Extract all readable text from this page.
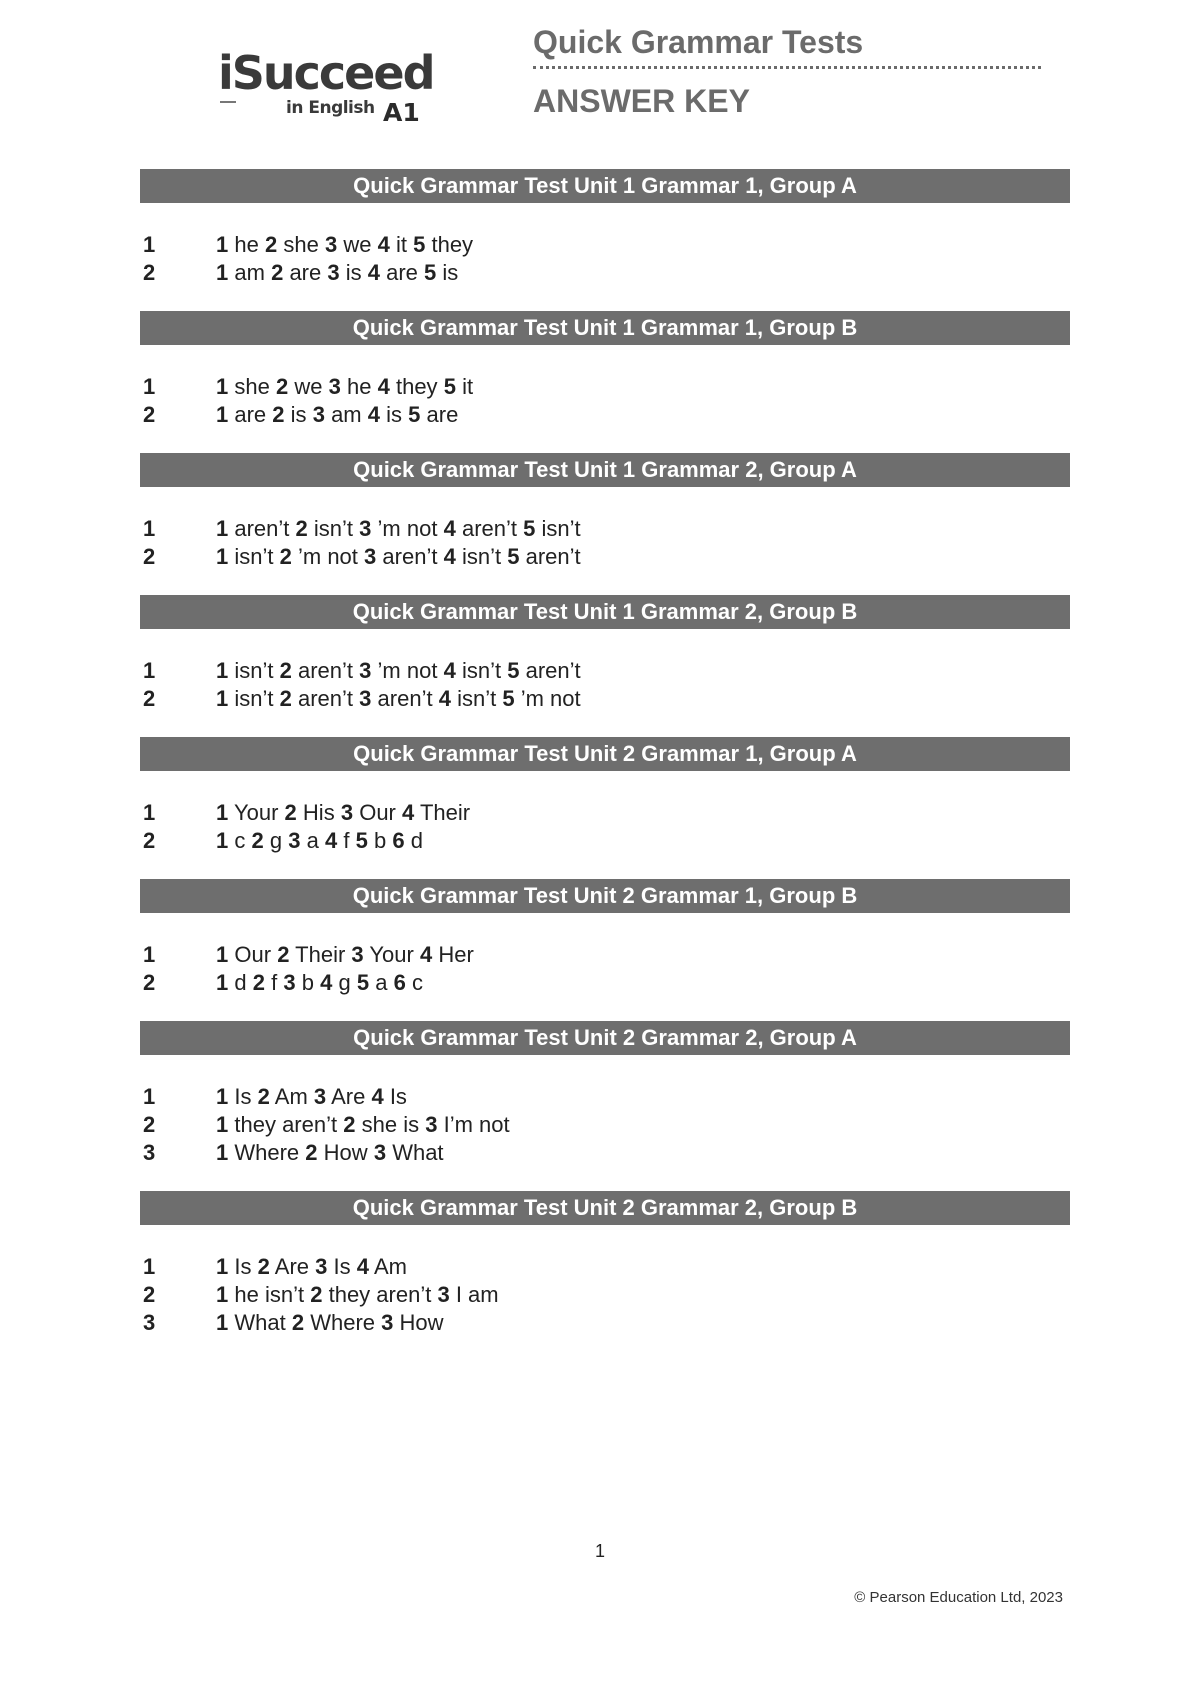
iSucceed
in English A1
Quick Grammar Tests
ANSWER KEY
Quick Grammar Test Unit 1 Grammar 1, Group A
1	1 he 2 she 3 we 4 it 5 they
2	1 am 2 are 3 is 4 are 5 is
Quick Grammar Test Unit 1 Grammar 1, Group B
1	1 she 2 we 3 he 4 they 5 it
2	1 are 2 is 3 am 4 is 5 are
Quick Grammar Test Unit 1 Grammar 2, Group A
1	1 aren’t 2 isn’t 3 ’m not 4 aren’t 5 isn’t
2	1 isn’t 2 ’m not 3 aren’t 4 isn’t 5 aren’t
Quick Grammar Test Unit 1 Grammar 2, Group B
1	1 isn’t 2 aren’t 3 ’m not 4 isn’t 5 aren’t
2	1 isn’t 2 aren’t 3 aren’t 4 isn’t 5 ’m not
Quick Grammar Test Unit 2 Grammar 1, Group A
1	1 Your 2 His 3 Our 4 Their
2	1 c 2 g 3 a 4 f 5 b 6 d
Quick Grammar Test Unit 2 Grammar 1, Group B
1	1 Our 2 Their 3 Your 4 Her
2	1 d 2 f 3 b 4 g 5 a 6 c
Quick Grammar Test Unit 2 Grammar 2, Group A
1	1 Is 2 Am 3 Are 4 Is
2	1 they aren’t 2 she is 3 I’m not
3	1 Where 2 How 3 What
Quick Grammar Test Unit 2 Grammar 2, Group B
1	1 Is 2 Are 3 Is 4 Am
2	1 he isn’t 2 they aren’t 3 I am
3	1 What 2 Where 3 How
1
© Pearson Education Ltd, 2023
